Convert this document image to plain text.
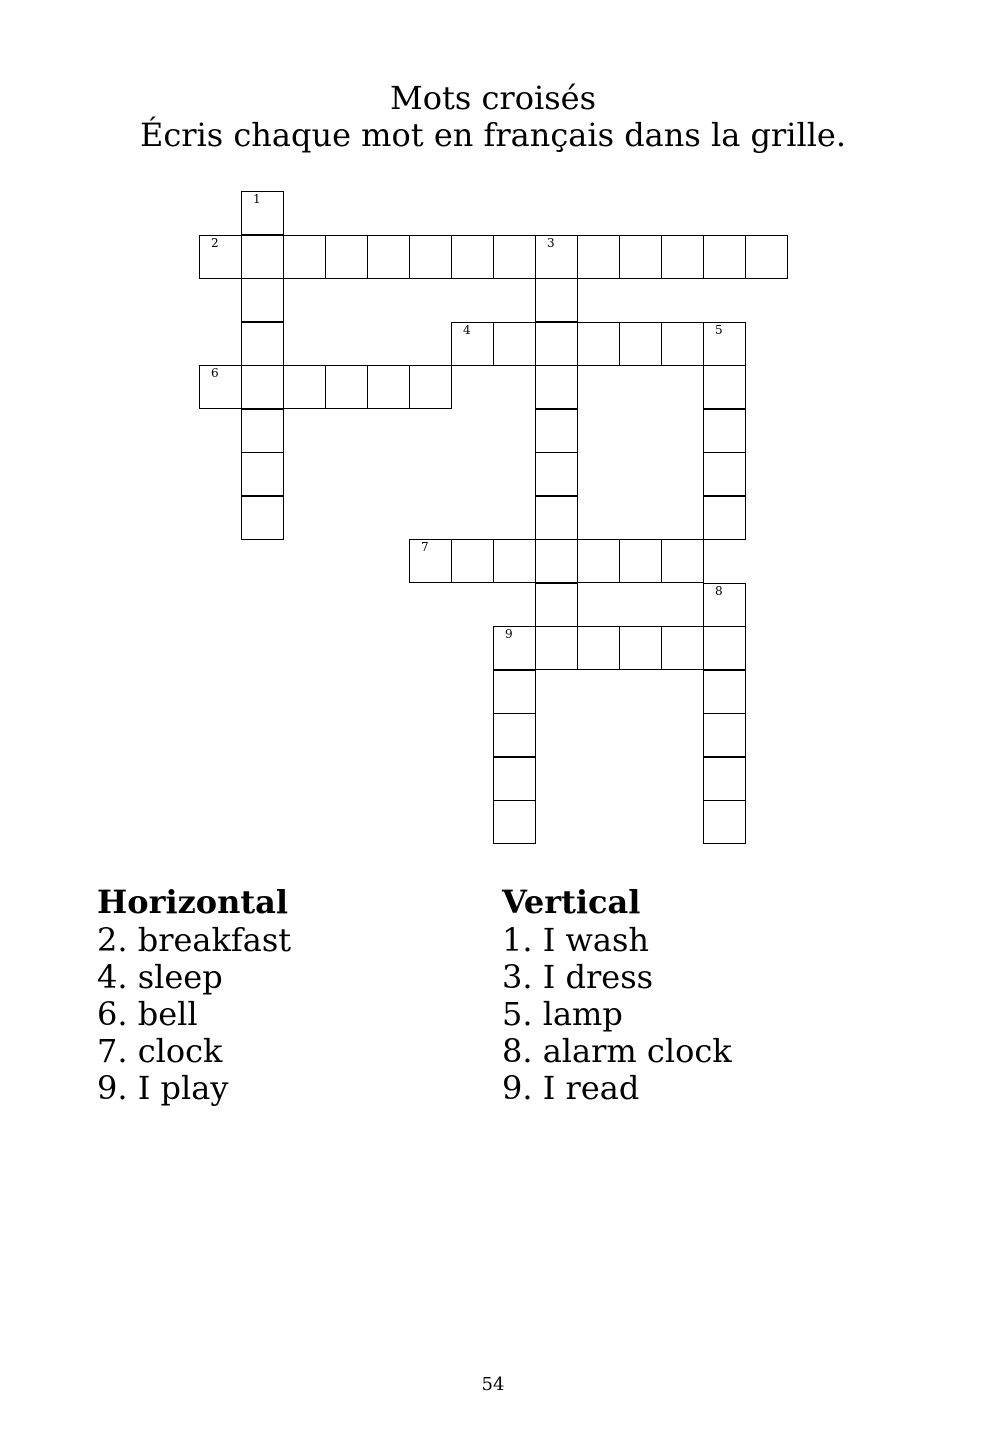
Mots croisés
Écris chaque mot en français dans la grille.
1
2	3
4	5
6
7
8
9
Horizontal
2. breakfast
4. sleep
6. bell
7. clock
9. I play
Vertical
1. I wash
3. I dress
5. lamp
8. alarm clock
9. I read
54
